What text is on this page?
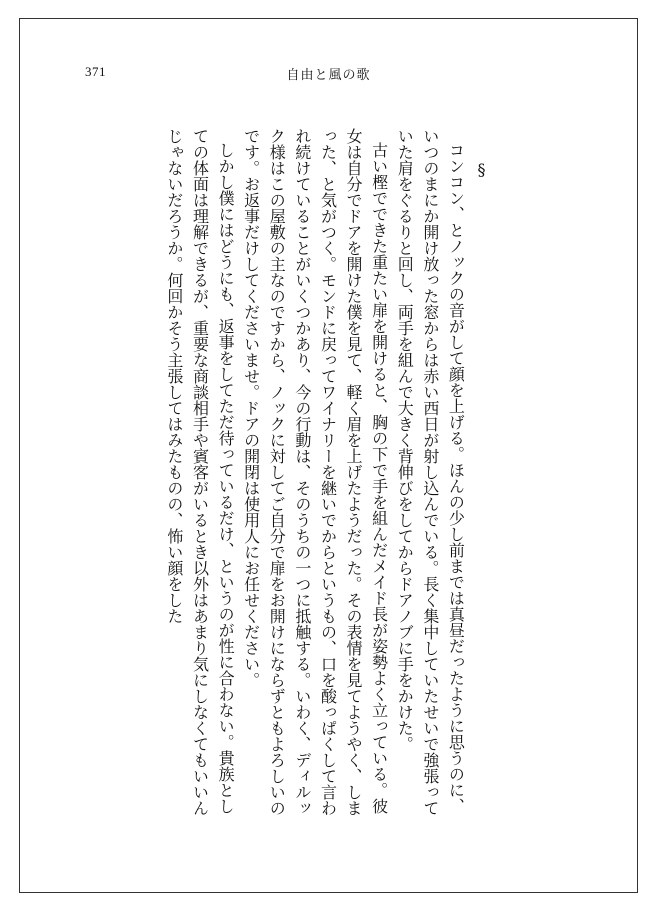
371	自由と風の歌
§
コンコン、とノックの音がして顔を上げる。ほんの少し前までは真昼だったように思うのに、いつのまにか開け放った窓からは赤い西日が射し込んでいる。長く集中していたせいで強張っていた肩をぐるりと回し、両手を組んで大きく背伸びをしてからドアノブに手をかけた。
古い樫でできた重たい扉を開けると、胸の下で手を組んだメイド長が姿勢よく立っている。彼女は自分でドアを開けた僕を見て、軽く眉を上げたようだった。その表情を見てようやく、しまった、と気がつく。モンドに戻ってワイナリーを継いでからというもの、口を酸っぱくして言われ続けていることがいくつかあり、今の行動は、そのうちの一つに抵触する。いわく、ディルック様はこの屋敷の主なのですから、ノックに対してご自分で扉をお開けにならずともよろしいのです。お返事だけしてくださいませ。ドアの開閉は使用人にお任せください。
しかし僕にはどうにも、返事をしてただ待っているだけ、というのが性に合わない。貴族としての体面は理解できるが、重要な商談相手や賓客がいるとき以外はあまり気にしなくてもいいんじゃないだろうか。何回かそう主張してはみたものの、怖い顔をした
